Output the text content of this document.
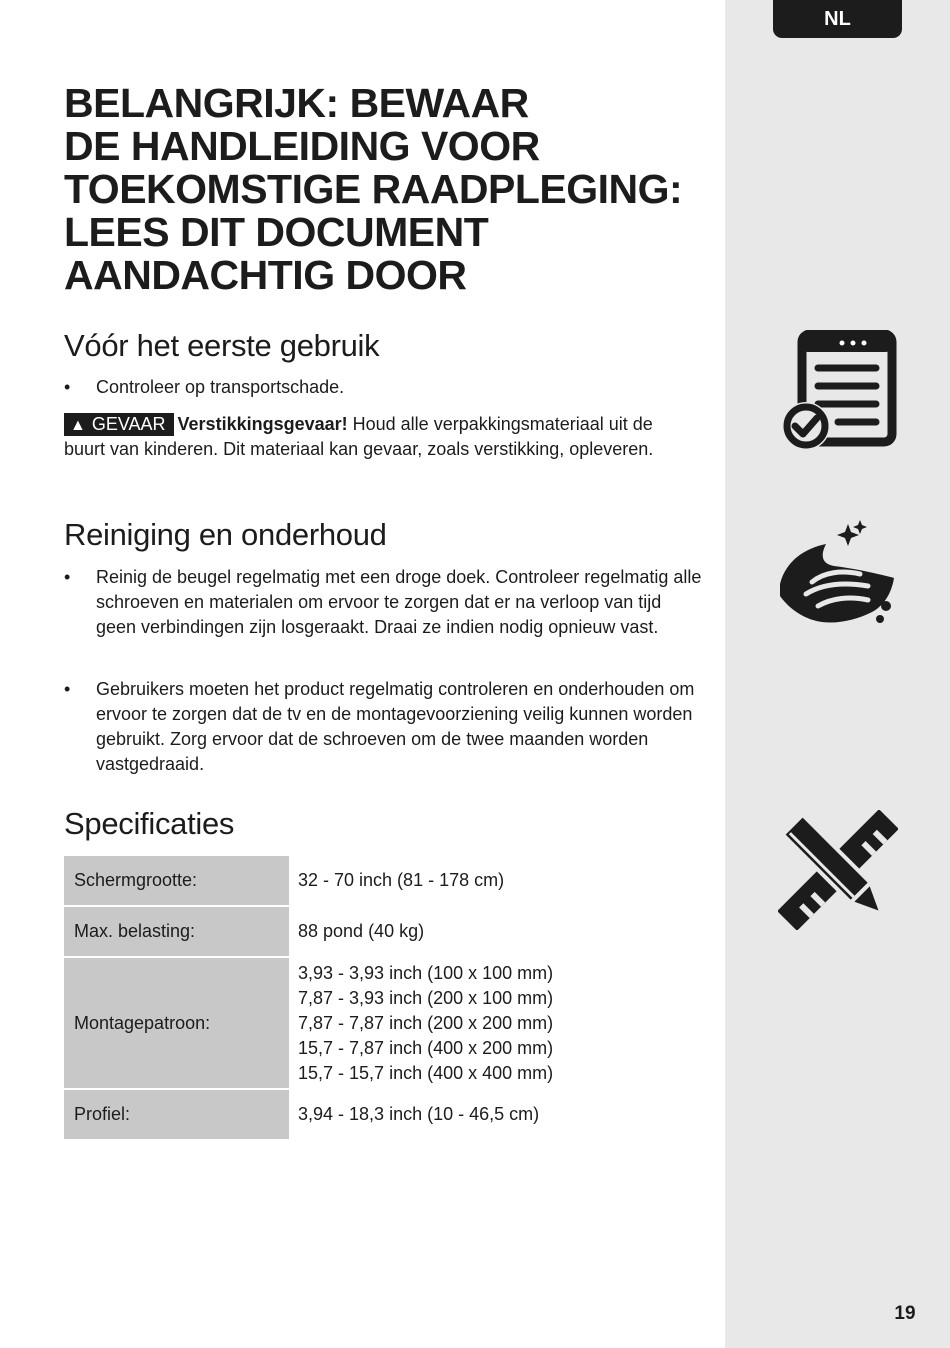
NL
19
BELANGRIJK: BEWAAR
DE HANDLEIDING VOOR
TOEKOMSTIGE RAADPLEGING:
LEES DIT DOCUMENT
AANDACHTIG DOOR
Vóór het eerste gebruik
• Controleer op transportschade.
▲ GEVAAR Verstikkingsgevaar! Houd alle verpakkingsmateriaal uit de buurt van kinderen. Dit materiaal kan gevaar, zoals verstikking, opleveren.
Reiniging en onderhoud
• Reinig de beugel regelmatig met een droge doek. Controleer regelmatig alle schroeven en materialen om ervoor te zorgen dat er na verloop van tijd geen verbindingen zijn losgeraakt. Draai ze indien nodig opnieuw vast.
• Gebruikers moeten het product regelmatig controleren en onderhouden om ervoor te zorgen dat de tv en de montagevoorziening veilig kunnen worden gebruikt. Zorg ervoor dat de schroeven om de twee maanden worden vastgedraaid.
Specificaties
Schermgrootte:	32 - 70 inch (81 - 178 cm)
Max. belasting:	88 pond (40 kg)
Montagepatroon:	3,93 - 3,93 inch (100 x 100 mm)
7,87 - 3,93 inch (200 x 100 mm)
7,87 - 7,87 inch (200 x 200 mm)
15,7 - 7,87 inch (400 x 200 mm)
15,7 - 15,7 inch (400 x 400 mm)

Profiel:	3,94 - 18,3 inch (10 - 46,5 cm)
